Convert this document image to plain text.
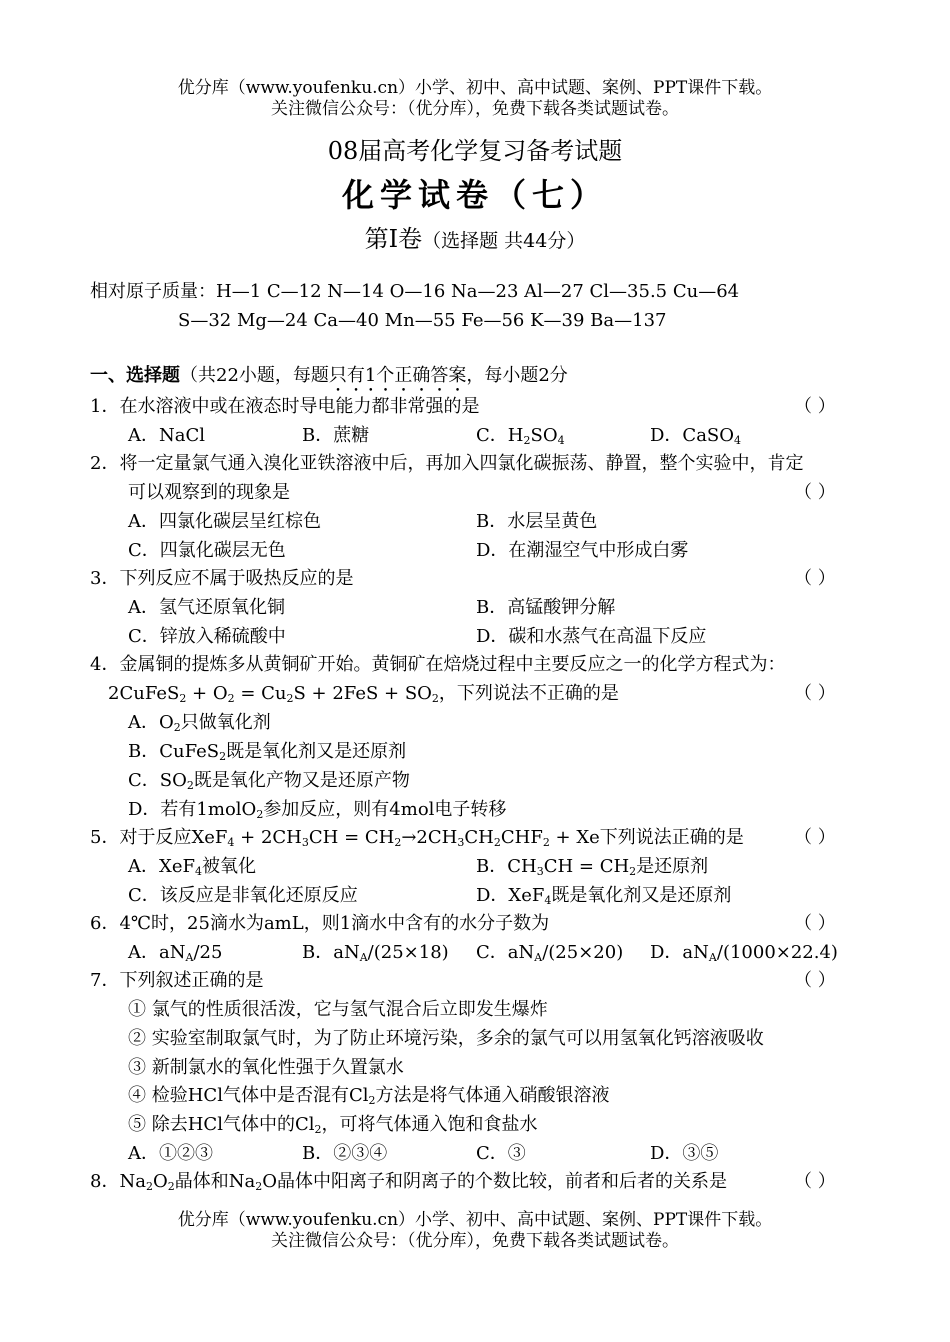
优分库（www.youfenku.cn）小学、初中、高中试题、案例、PPT课件下载。
关注微信公众号：（优分库），免费下载各类试题试卷。
08届高考化学复习备考试题
化学试卷（七）
第Ⅰ卷（选择题 共44分）
相对原子质量：H—1 C—12 N—14 O—16 Na—23 Al—27 Cl—35.5 Cu—64
S—32 Mg—24 Ca—40 Mn—55 Fe—56 K—39 Ba—137
一、选择题（共22小题，每题只有1个正确答案，每小题2分
1．在水溶液中或在液态时导电能力都非常强的是	（ ）
A．NaCl	B．蔗糖	C．$H_2SO_4$	D．CaSO$_4$
2．将一定量氯气通入溴化亚铁溶液中后，再加入四氯化碳振荡、静置，整个实验中，肯定
可以观察到的现象是	（ ）
A．四氯化碳层呈红棕色	B．水层呈黄色
C．四氯化碳层无色	D．在潮湿空气中形成白雾
3．下列反应不属于吸热反应的是	（ ）
A．氢气还原氧化铜	B．高锰酸钾分解
C．锌放入稀硫酸中	D．碳和水蒸气在高温下反应
4．金属铜的提炼多从黄铜矿开始。黄铜矿在焙烧过程中主要反应之一的化学方程式为：
2CuFeS$_2$ + $O_2 = Cu_2S + 2FeS + SO_2$，下列说法不正确的是	（ ）
A．$O_2$只做氧化剂
B．CuFeS$_2$既是氧化剂又是还原剂
C．$SO_2$既是氧化产物又是还原产物
D．若有1molO$_2$参加反应，则有4mol电子转移
5．对于反应$XeF_4 + 2CH_3CH = CH_2\to 2CH_3CH_2CHF_2 + Xe$下列说法正确的是	（ ）
A．XeF$_4$被氧化	B．$CH_3CH = CH_2$是还原剂
C．该反应是非氧化还原反应	D．XeF$_4$既是氧化剂又是还原剂
6．4℃时，25滴水为amL，则1滴水中含有的水分子数为	（ ）
A．$aN_A/25$	B．$aN_A/(25\times 18)$ C．$aN_A/(25\times 20)$ D．$aN_A/(1000\times 22.4)$
7．下列叙述正确的是	（ ）
① 氯气的性质很活泼，它与氢气混合后立即发生爆炸
② 实验室制取氯气时，为了防止环境污染，多余的氯气可以用氢氧化钙溶液吸收
③ 新制氯水的氧化性强于久置氯水
④ 检验HCl气体中是否混有$Cl_2$方法是将气体通入硝酸银溶液
⑤ 除去HCl气体中的$Cl_2$，可将气体通入饱和食盐水
A．①②③	B．②③④	C．③	D．③⑤
8．$Na_2O_2$晶体和$Na_2O$晶体中阳离子和阴离子的个数比较，前者和后者的关系是	（ ）
优分库（www.youfenku.cn）小学、初中、高中试题、案例、PPT课件下载。
关注微信公众号：（优分库），免费下载各类试题试卷。
